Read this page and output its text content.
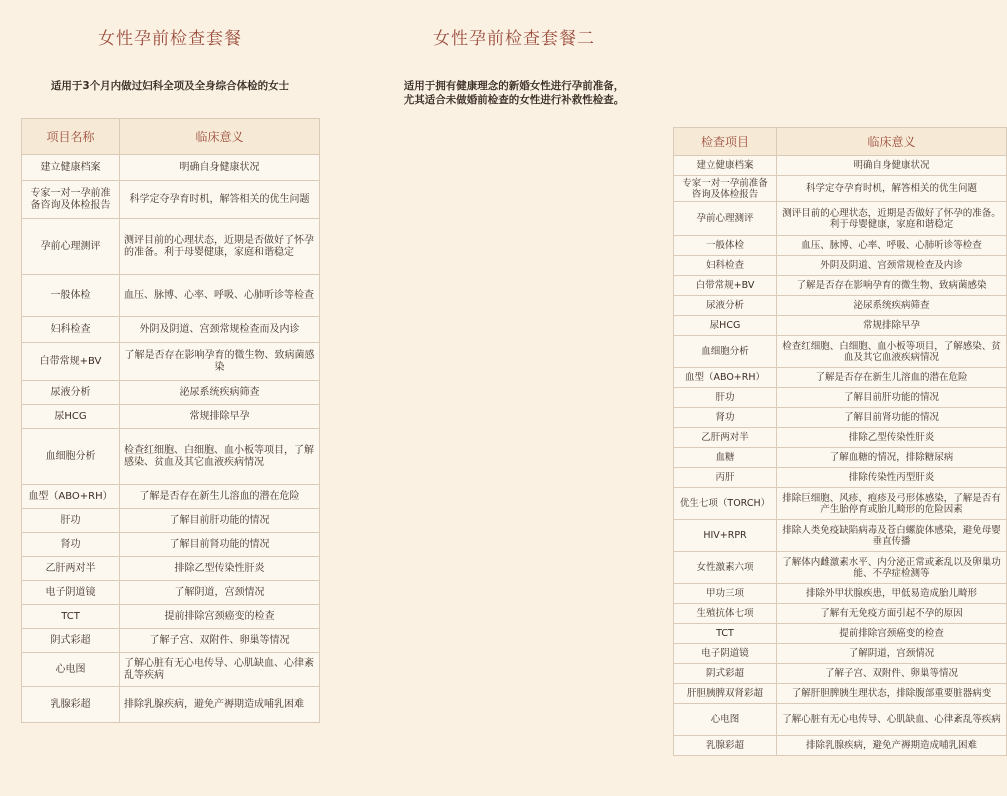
女性孕前检查套餐
适用于3个月内做过妇科全项及全身综合体检的女士
项目名称	临床意义
建立健康档案	明确自身健康状况
专家一对一孕前准备咨询及体检报告	科学定夺孕育时机，解答相关的优生问题
孕前心理测评	测评目前的心理状态，近期是否做好了怀孕的准备。利于母婴健康，家庭和谐稳定
一般体检	血压、脉博、心率、呼吸、心肺听诊等检查
妇科检查	外阴及阴道、宫颈常规检查而及内诊
白带常规+BV	了解是否存在影响孕育的微生物、致病菌感染
尿液分析	泌尿系统疾病筛查
尿HCG	常规排除早孕
血细胞分析	检查红细胞、白细胞、血小板等项目，了解感染、贫血及其它血液疾病情况
血型（ABO+RH）	了解是否存在新生儿溶血的潜在危险
肝功	了解目前肝功能的情况
肾功	了解目前肾功能的情况
乙肝两对半	排除乙型传染性肝炎
电子阴道镜	了解阴道，宫颈情况
TCT	提前排除宫颈癌变的检查
阴式彩超	了解子宫、双附件、卵巢等情况
心电图	了解心脏有无心电传导、心肌缺血、心律紊乱等疾病
乳腺彩超	排除乳腺疾病，避免产褥期造成哺乳困难
女性孕前检查套餐二
适用于拥有健康理念的新婚女性进行孕前准备，
尤其适合未做婚前检查的女性进行补救性检查。
检查项目	临床意义
建立健康档案	明确自身健康状况
专家一对一孕前准备咨询及体检报告	科学定夺孕育时机，解答相关的优生问题
孕前心理测评	测评目前的心理状态，近期是否做好了怀孕的准备。利于母婴健康，家庭和谐稳定
一般体检	血压、脉博、心率、呼吸、心肺听诊等检查
妇科检查	外阴及阴道、宫颈常规检查及内诊
白带常规+BV	了解是否存在影响孕育的微生物、致病菌感染
尿液分析	泌尿系统疾病筛查
尿HCG	常规排除早孕
血细胞分析	检查红细胞、白细胞、血小板等项目，了解感染、贫血及其它血液疾病情况
血型（ABO+RH）	了解是否存在新生儿溶血的潜在危险
肝功	了解目前肝功能的情况
肾功	了解目前肾功能的情况
乙肝两对半	排除乙型传染性肝炎
血糖	了解血糖的情况，排除糖尿病
丙肝	排除传染性丙型肝炎
优生七项（TORCH）	排除巨细胞、风疹、疱疹及弓形体感染，了解是否有产生胎停育或胎儿畸形的危险因素
HIV+RPR	排除人类免疫缺陷病毒及苍白螺旋体感染，避免母婴垂直传播
女性激素六项	了解体内雌激素水平、内分泌正常或紊乱以及卵巢功能、不孕症检测等
甲功三项	排除外甲状腺疾患，甲低易造成胎儿畸形
生殖抗体七项	了解有无免疫方面引起不孕的原因
TCT	提前排除宫颈癌变的检查
电子阴道镜	了解阴道，宫颈情况
阴式彩超	了解子宫、双附件、卵巢等情况
肝胆胰脾双肾彩超	了解肝胆脾胰生理状态，排除腹部重要脏器病变
心电图	了解心脏有无心电传导、心肌缺血、心律紊乱等疾病
乳腺彩超	排除乳腺疾病，避免产褥期造成哺乳困难
